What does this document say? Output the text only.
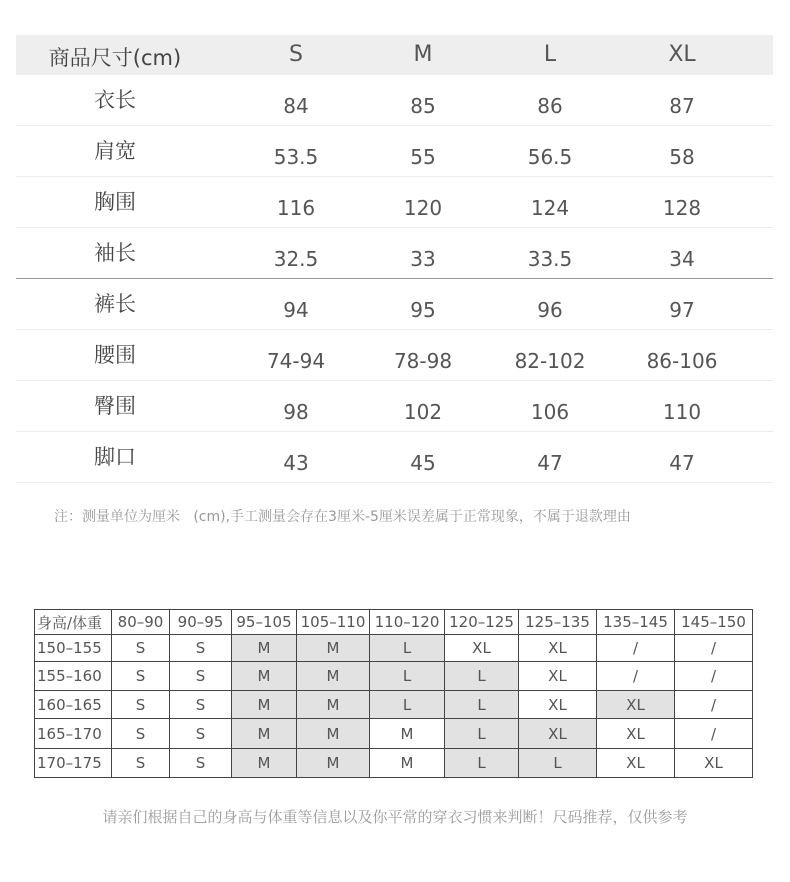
商品尺寸(cm)	S	M	L	XL
衣长	84	85	86	87
肩宽	53.5	55	56.5	58
胸围	116	120	124	128
袖长	32.5	33	33.5	34
裤长	94	95	96	97
腰围	74-94	78-98	82-102	86-106
臀围	98	102	106	110
脚口	43	45	47	47
注：测量单位为厘米   (cm),手工测量会存在3厘米-5厘米误差属于正常现象，不属于退款理由
身高/体重	80–90	90–95	95–105	105–110	110–120	120–125	125–135	135–145	145–150
150–155	S	S	M	M	L	XL	XL	/	/
155–160	S	S	M	M	L	L	XL	/	/
160–165	S	S	M	M	L	L	XL	XL	/
165–170	S	S	M	M	M	L	XL	XL	/
170–175	S	S	M	M	M	L	L	XL	XL
请亲们根据自己的身高与体重等信息以及你平常的穿衣习惯来判断！尺码推荐，仅供参考
